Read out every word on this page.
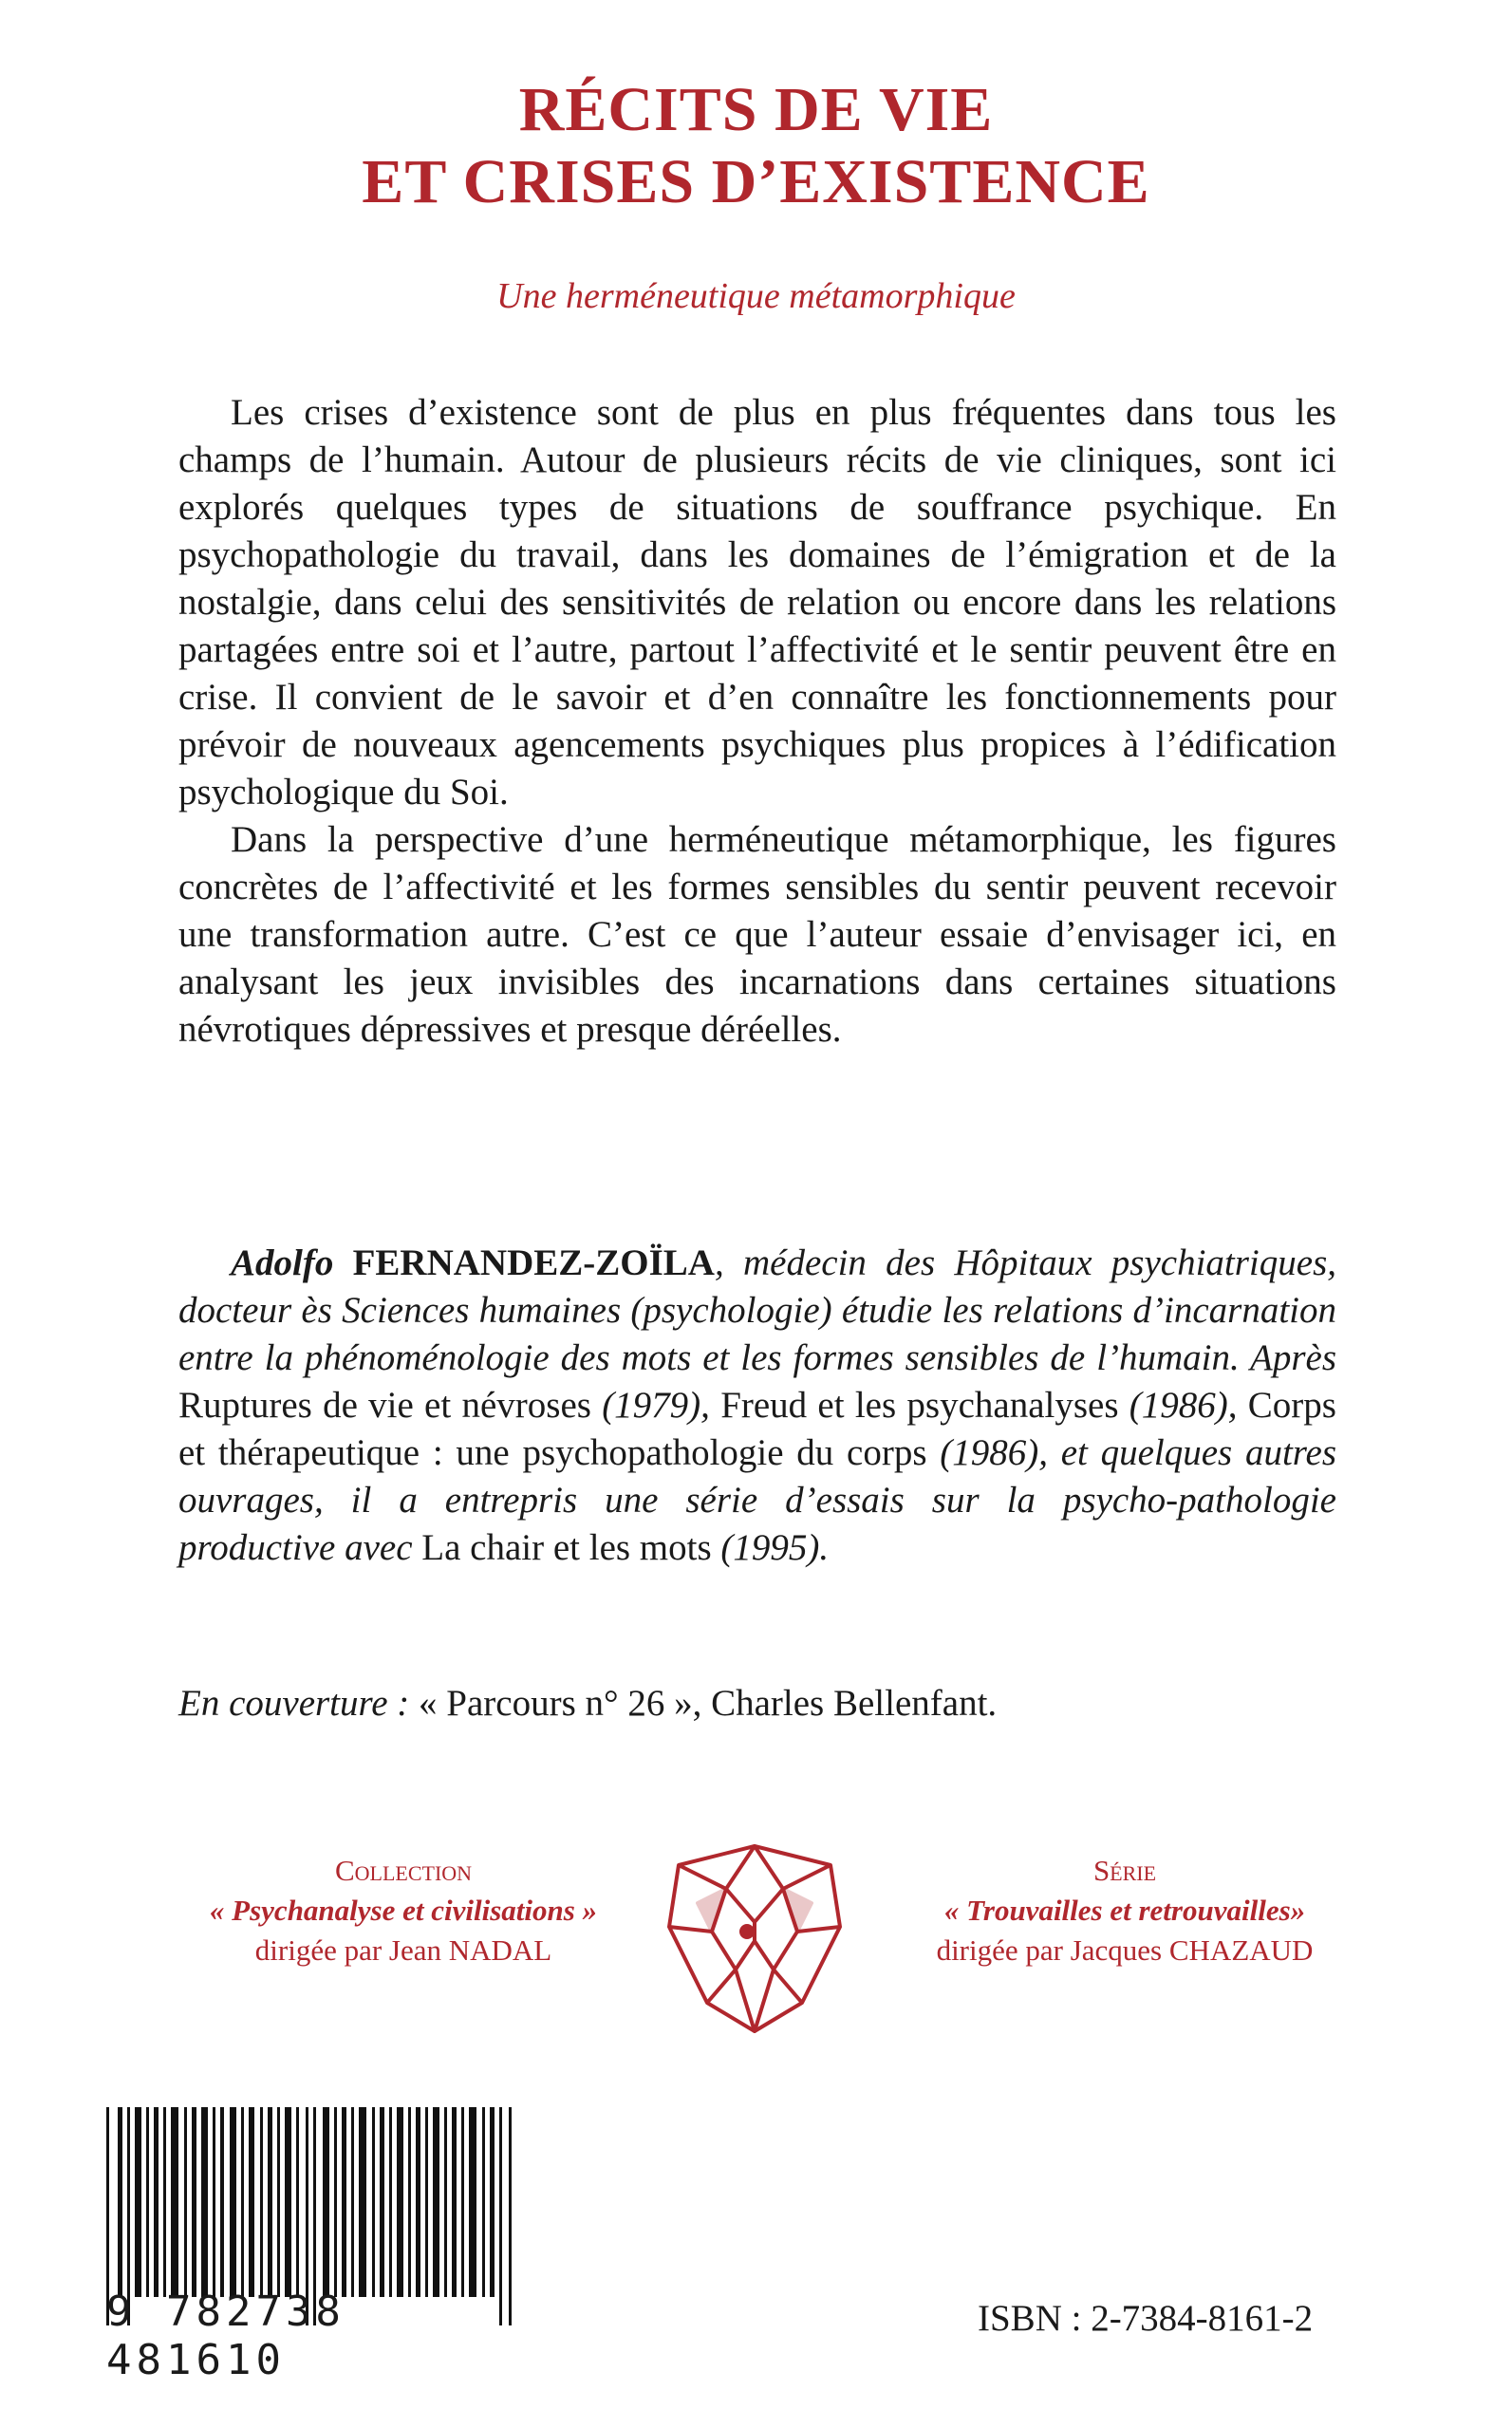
RÉCITS DE VIE
ET CRISES D’EXISTENCE
Une herméneutique métamorphique

Les crises d’existence sont de plus en plus fréquentes dans tous les champs de l’humain. Autour de plusieurs récits de vie cliniques, sont ici explorés quelques types de situations de souffrance psychique. En psychopathologie du travail, dans les domaines de l’émigration et de la nostalgie, dans celui des sensitivités de relation ou encore dans les relations partagées entre soi et l’autre, partout l’affectivité et le sentir peuvent être en crise. Il convient de le savoir et d’en connaître les fonctionnements pour prévoir de nouveaux agencements psychiques plus propices à l’édification psychologique du Soi.

Dans la perspective d’une herméneutique métamorphique, les figures concrètes de l’affectivité et les formes sensibles du sentir peuvent recevoir une transformation autre. C’est ce que l’auteur essaie d’envisager ici, en analysant les jeux invisibles des incarnations dans certaines situations névrotiques dépressives et presque déréelles.

Adolfo FERNANDEZ-ZOÏLA, médecin des Hôpitaux psychiatriques, docteur ès Sciences humaines (psychologie) étudie les relations d’incarnation entre la phénoménologie des mots et les formes sensibles de l’humain. Après Ruptures de vie et névroses (1979), Freud et les psychanalyses (1986), Corps et thérapeutique : une psychopathologie du corps (1986), et quelques autres ouvrages, il a entrepris une série d’essais sur la psycho-pathologie productive avec La chair et les mots (1995).

En couverture : « Parcours n° 26 », Charles Bellenfant.
Collection
« Psychanalyse et civilisations »
dirigée par Jean NADAL
Série
« Trouvailles et retrouvailles»
dirigée par Jacques CHAZAUD
9 782738 481610
ISBN : 2-7384-8161-2
